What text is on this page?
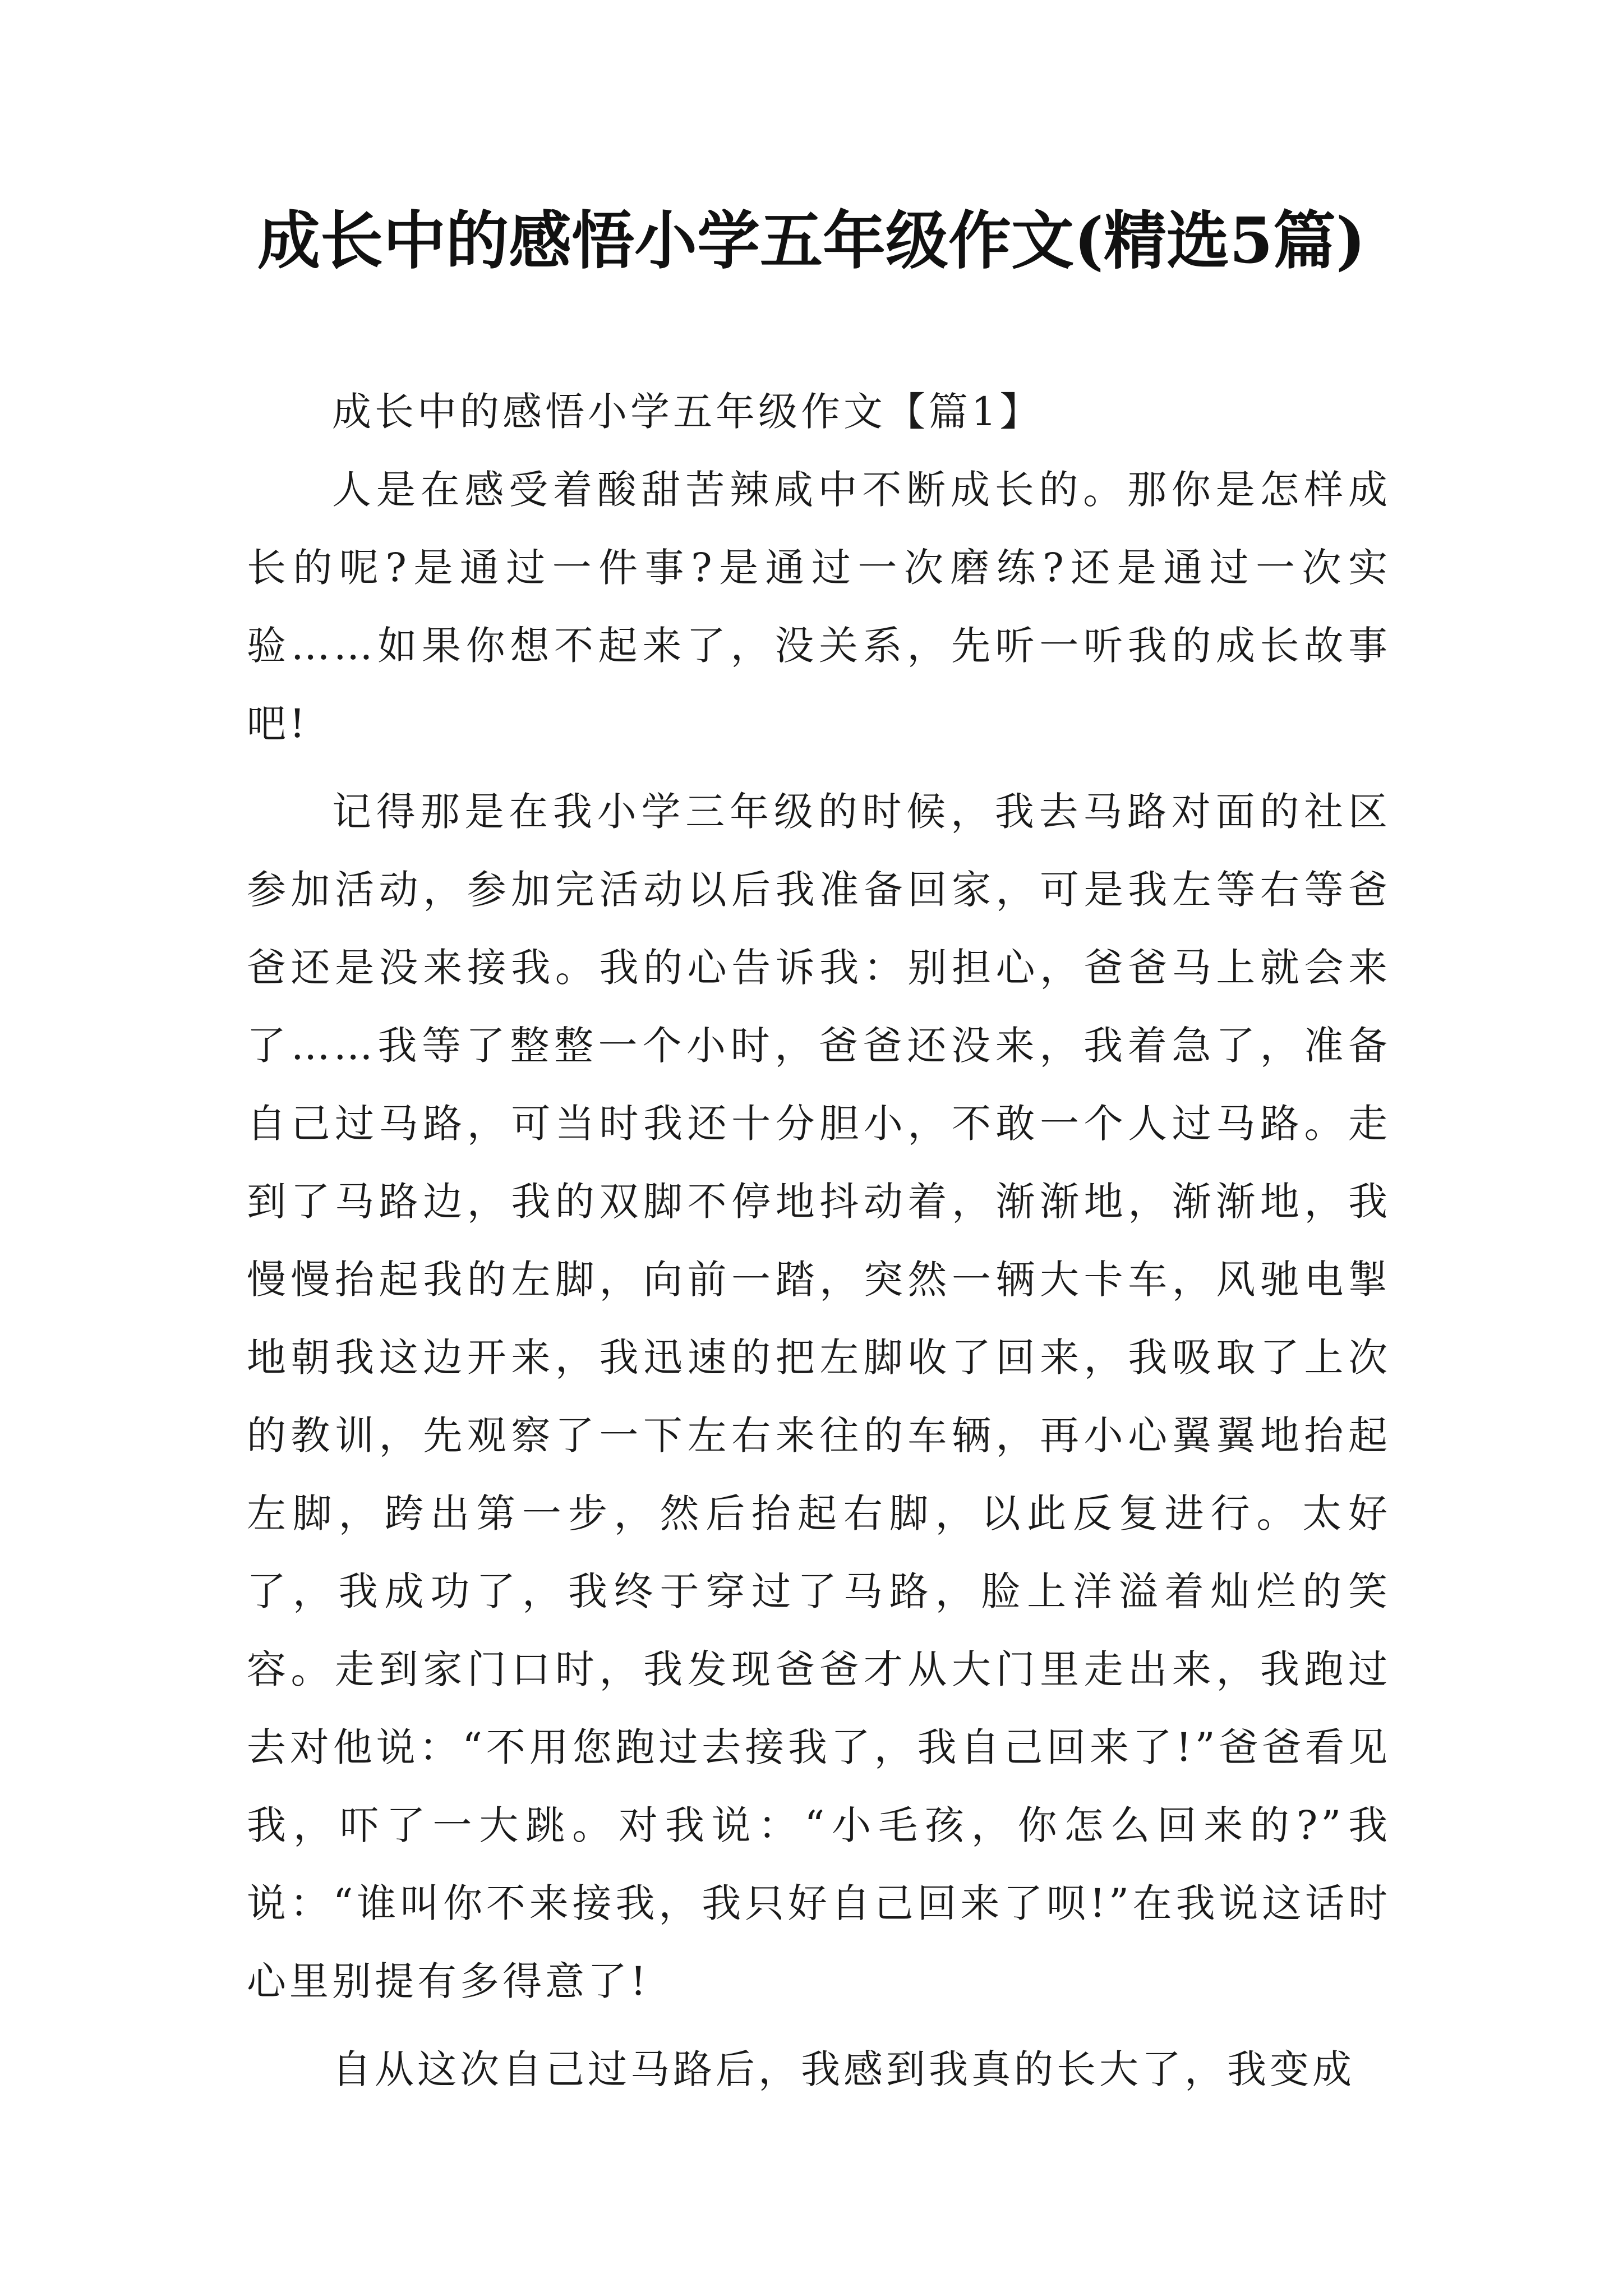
成长中的感悟小学五年级作文(精选5篇)

成长中的感悟小学五年级作文【篇1】

人是在感受着酸甜苦辣咸中不断成长的。那你是怎样成长的呢?是通过一件事?是通过一次磨练?还是通过一次实验……如果你想不起来了，没关系，先听一听我的成长故事吧!

记得那是在我小学三年级的时候，我去马路对面的社区参加活动，参加完活动以后我准备回家，可是我左等右等爸爸还是没来接我。我的心告诉我：别担心，爸爸马上就会来了……我等了整整一个小时，爸爸还没来，我着急了，准备自己过马路，可当时我还十分胆小，不敢一个人过马路。走到了马路边，我的双脚不停地抖动着，渐渐地，渐渐地，我慢慢抬起我的左脚，向前一踏，突然一辆大卡车，风驰电掣地朝我这边开来，我迅速的把左脚收了回来，我吸取了上次的教训，先观察了一下左右来往的车辆，再小心翼翼地抬起左脚，跨出第一步，然后抬起右脚，以此反复进行。太好了，我成功了，我终于穿过了马路，脸上洋溢着灿烂的笑容。走到家门口时，我发现爸爸才从大门里走出来，我跑过去对他说：“不用您跑过去接我了，我自己回来了!”爸爸看见我，吓了一大跳。对我说：“小毛孩，你怎么回来的?”我说：“谁叫你不来接我，我只好自己回来了呗!”在我说这话时心里别提有多得意了!

自从这次自己过马路后，我感到我真的长大了，我变成
